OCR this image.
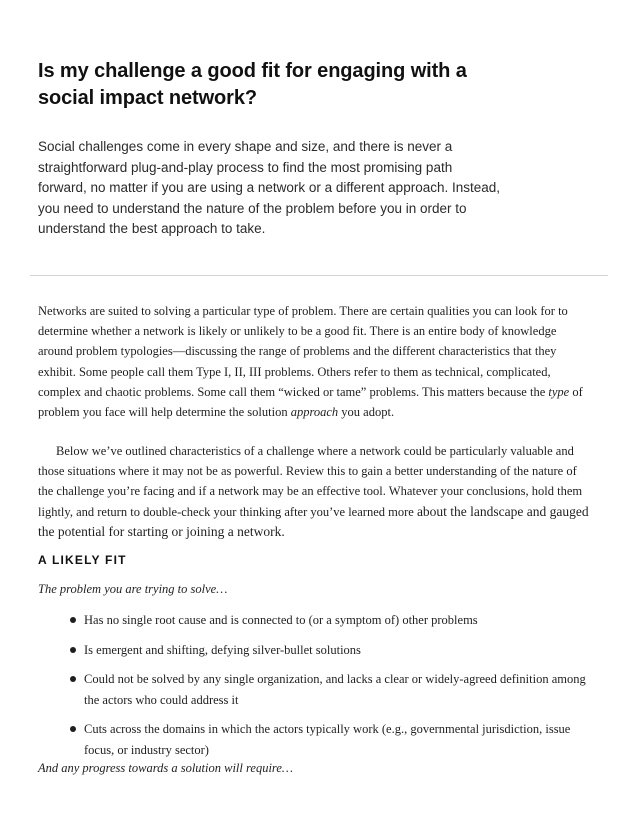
Is my challenge a good fit for engaging with a
social impact network?

Social challenges come in every shape and size, and there is never a
straightforward plug-and-play process to find the most promising path
forward, no matter if you are using a network or a different approach. Instead,
you need to understand the nature of the problem before you in order to
understand the best approach to take.

Networks are suited to solving a particular type of problem. There are certain qualities you can look for to determine whether a network is likely or unlikely to be a good fit. There is an entire body of knowledge around problem typologies—discussing the range of problems and the different characteristics that they exhibit. Some people call them Type I, II, III problems. Others refer to them as technical, complicated, complex and chaotic problems. Some call them “wicked or tame” problems. This matters because the type of problem you face will help determine the solution approach you adopt.

Below we’ve outlined characteristics of a challenge where a network could be particularly valuable and those situations where it may not be as powerful. Review this to gain a better understanding of the nature of the challenge you’re facing and if a network may be an effective tool. Whatever your conclusions, hold them lightly, and return to double-check your thinking after you’ve learned more about the landscape and gauged the potential for starting or joining a network.

A LIKELY FIT

The problem you are trying to solve…

Has no single root cause and is connected to (or a symptom of) other problems
Is emergent and shifting, defying silver-bullet solutions
Could not be solved by any single organization, and lacks a clear or widely-agreed definition among the actors who could address it
Cuts across the domains in which the actors typically work (e.g., governmental jurisdiction, issue focus, or industry sector)

And any progress towards a solution will require…
